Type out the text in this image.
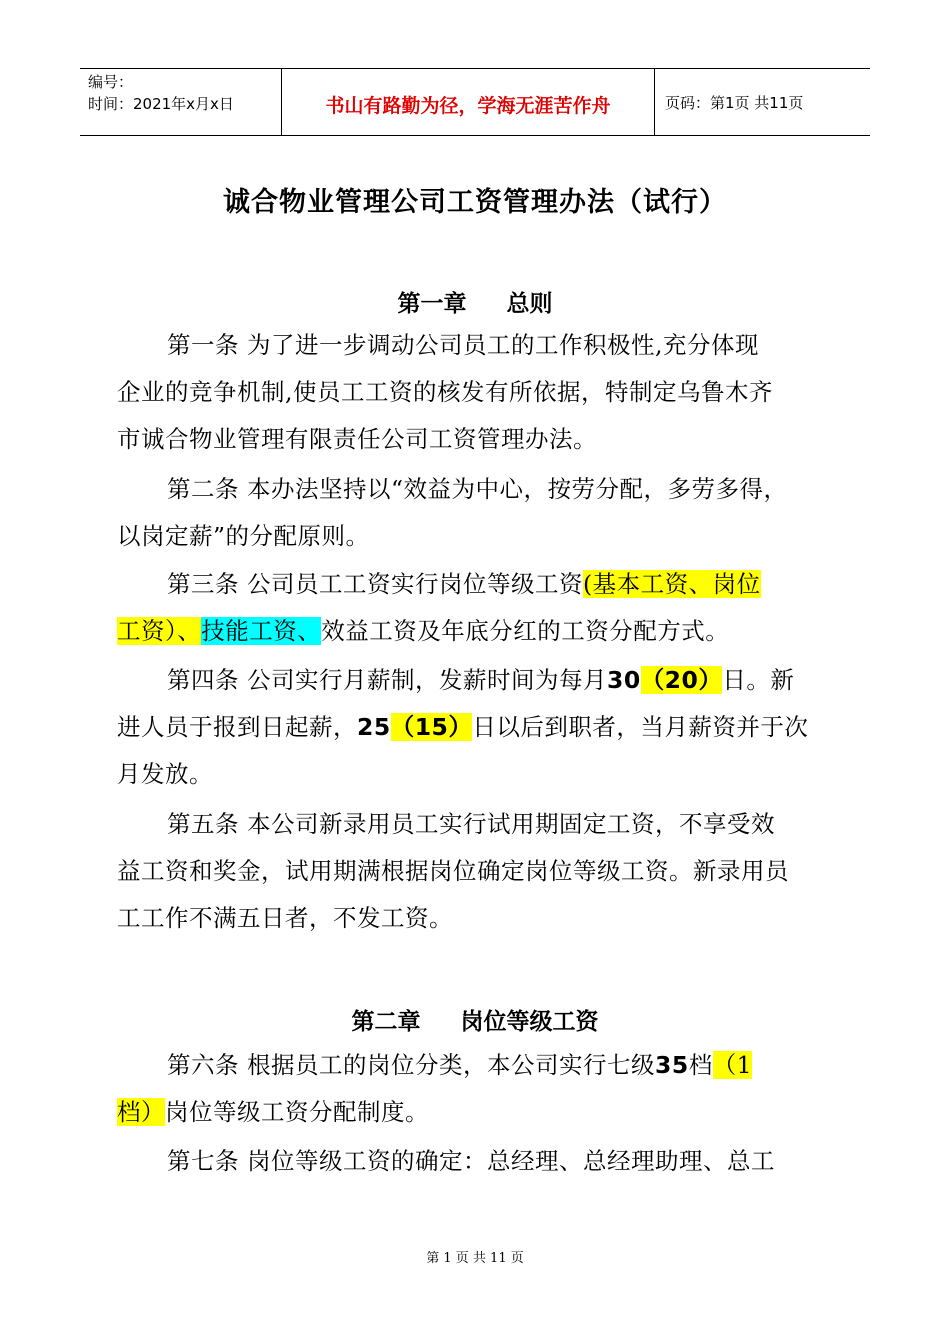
编号：
时间：2021年x月x日	书山有路勤为径，学海无涯苦作舟	页码：第1页 共11页
诚合物业管理公司工资管理办法（试行）
第一章 总则
第一条 为了进一步调动公司员工的工作积极性,充分体现
企业的竞争机制,使员工工资的核发有所依据，特制定乌鲁木齐
市诚合物业管理有限责任公司工资管理办法。
第二条 本办法坚持以“效益为中心，按劳分配，多劳多得，
以岗定薪”的分配原则。
第三条 公司员工工资实行岗位等级工资(基本工资、岗位
工资）、技能工资、效益工资及年底分红的工资分配方式。
第四条 公司实行月薪制，发薪时间为每月30（20）日。新
进人员于报到日起薪，25（15）日以后到职者，当月薪资并于次
月发放。
第五条 本公司新录用员工实行试用期固定工资，不享受效
益工资和奖金，试用期满根据岗位确定岗位等级工资。新录用员
工工作不满五日者，不发工资。
第二章 岗位等级工资
第六条 根据员工的岗位分类，本公司实行七级35档（1
档）岗位等级工资分配制度。
第七条 岗位等级工资的确定：总经理、总经理助理、总工
第 1 页 共 11 页
